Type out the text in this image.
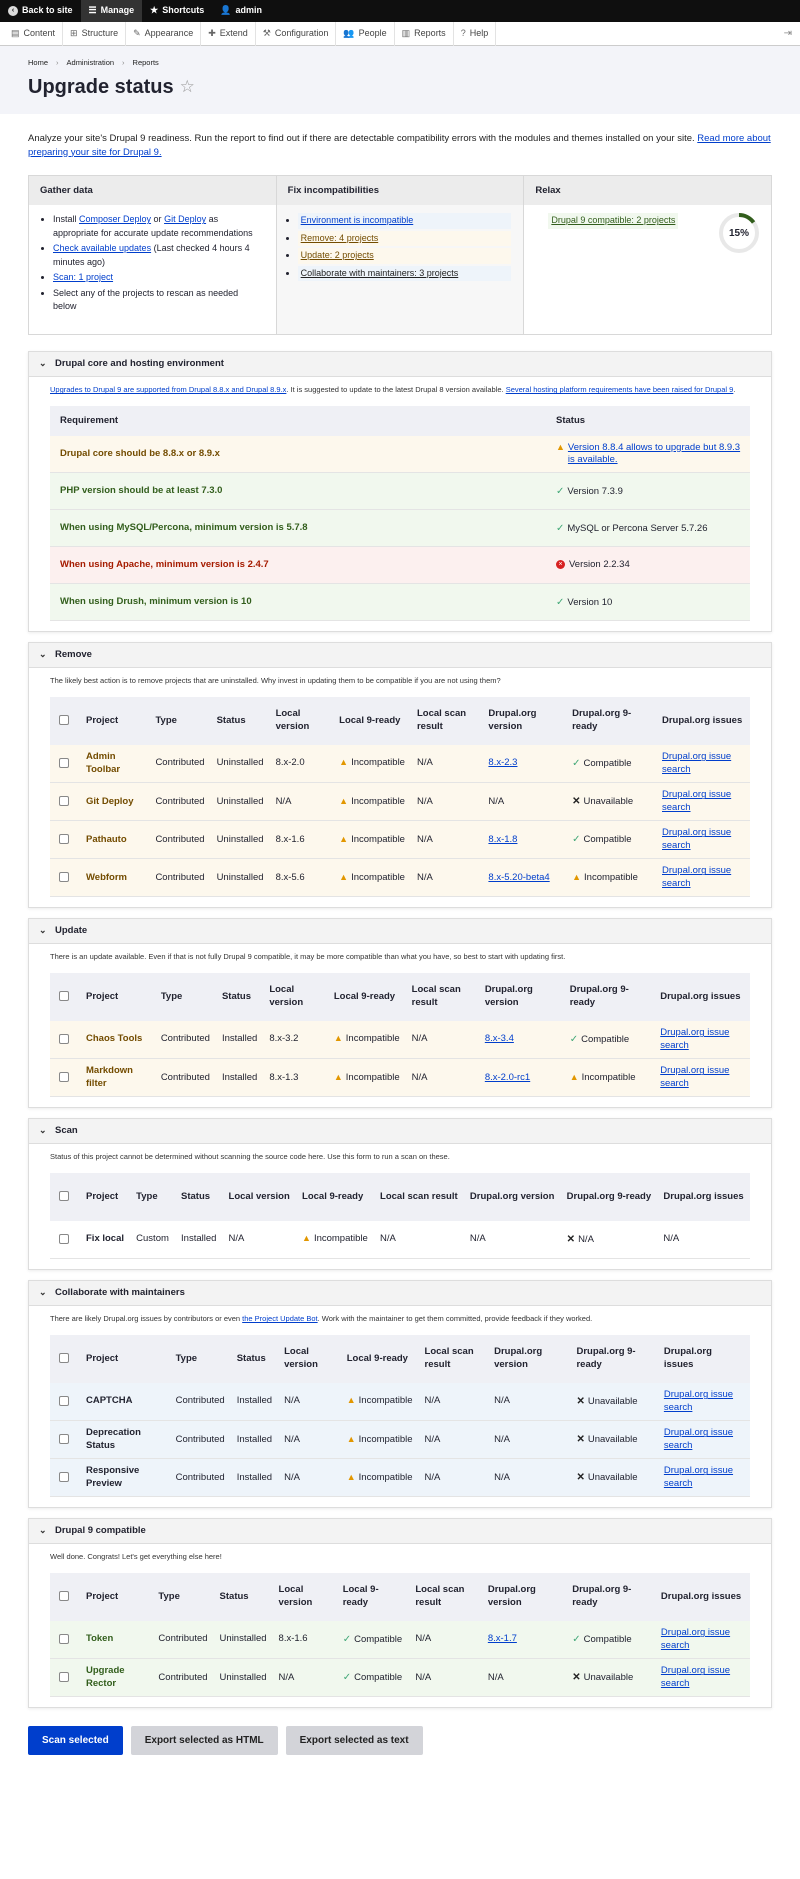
‹ Back to site ☰ Manage ★ Shortcuts 👤 admin
▤ Content ⊞ Structure ✎ Appearance ✚ Extend ⚒ Configuration 👥 People ▥ Reports ? Help	⇥
Home › Administration › Reports
Upgrade status ☆

Analyze your site's Drupal 9 readiness. Run the report to find out if there are detectable compatibility errors with the modules and themes installed on your site. Read more about preparing your site for Drupal 9.

Gather data
• Install Composer Deploy or Git Deploy as appropriate for accurate update recommendations
• Check available updates (Last checked 4 hours 4 minutes ago)
• Scan: 1 project
• Select any of the projects to rescan as needed below
Fix incompatibilities
• Environment is incompatible
• Remove: 4 projects
• Update: 2 projects
• Collaborate with maintainers: 3 projects
Relax
Drupal 9 compatible: 2 projects
15%
⌄ Drupal core and hosting environment

Upgrades to Drupal 9 are supported from Drupal 8.8.x and Drupal 8.9.x. It is suggested to update to the latest Drupal 8 version available. Several hosting platform requirements have been raised for Drupal 9.

Requirement	Status
Drupal core should be 8.8.x or 8.9.x	▲ Version 8.8.4 allows to upgrade but 8.9.3 is available.

PHP version should be at least 7.3.0	✓ Version 7.3.9
When using MySQL/Percona, minimum version is 5.7.8	✓ MySQL or Percona Server 5.7.26
When using Apache, minimum version is 2.4.7	× Version 2.2.34
When using Drush, minimum version is 10	✓ Version 10
⌄ Remove

The likely best action is to remove projects that are uninstalled. Why invest in updating them to be compatible if you are not using them?

	Project	Type	Status	Local version	Local 9-ready	Local scan result	Drupal.org version	Drupal.org 9-ready	Drupal.org issues
	Admin Toolbar	Contributed	Uninstalled	8.x-2.0	▲ Incompatible	N/A	8.x-2.3	✓ Compatible	Drupal.org issue search
	Git Deploy	Contributed	Uninstalled	N/A	▲ Incompatible	N/A	N/A	✕ Unavailable	Drupal.org issue search
	Pathauto	Contributed	Uninstalled	8.x-1.6	▲ Incompatible	N/A	8.x-1.8	✓ Compatible	Drupal.org issue search
	Webform	Contributed	Uninstalled	8.x-5.6	▲ Incompatible	N/A	8.x-5.20-beta4	▲ Incompatible	Drupal.org issue search
⌄ Update

There is an update available. Even if that is not fully Drupal 9 compatible, it may be more compatible than what you have, so best to start with updating first.

	Project	Type	Status	Local version	Local 9-ready	Local scan result	Drupal.org version	Drupal.org 9-ready	Drupal.org issues
	Chaos Tools	Contributed	Installed	8.x-3.2	▲ Incompatible	N/A	8.x-3.4	✓ Compatible	Drupal.org issue search
	Markdown filter	Contributed	Installed	8.x-1.3	▲ Incompatible	N/A	8.x-2.0-rc1	▲ Incompatible	Drupal.org issue search
⌄ Scan

Status of this project cannot be determined without scanning the source code here. Use this form to run a scan on these.

	Project	Type	Status	Local version	Local 9-ready	Local scan result	Drupal.org version	Drupal.org 9-ready	Drupal.org issues
	Fix local	Custom	Installed	N/A	▲ Incompatible	N/A	N/A	✕ N/A	N/A
⌄ Collaborate with maintainers

There are likely Drupal.org issues by contributors or even the Project Update Bot. Work with the maintainer to get them committed, provide feedback if they worked.

	Project	Type	Status	Local version	Local 9-ready	Local scan result	Drupal.org version	Drupal.org 9-ready	Drupal.org issues
	CAPTCHA	Contributed	Installed	N/A	▲ Incompatible	N/A	N/A	✕ Unavailable	Drupal.org issue search
	Deprecation Status	Contributed	Installed	N/A	▲ Incompatible	N/A	N/A	✕ Unavailable	Drupal.org issue search
	Responsive Preview	Contributed	Installed	N/A	▲ Incompatible	N/A	N/A	✕ Unavailable	Drupal.org issue search
⌄ Drupal 9 compatible

Well done. Congrats! Let's get everything else here!

	Project	Type	Status	Local version	Local 9-ready	Local scan result	Drupal.org version	Drupal.org 9-ready	Drupal.org issues
	Token	Contributed	Uninstalled	8.x-1.6	✓ Compatible	N/A	8.x-1.7	✓ Compatible	Drupal.org issue search
	Upgrade Rector	Contributed	Uninstalled	N/A	✓ Compatible	N/A	N/A	✕ Unavailable	Drupal.org issue search
Scan selected	Export selected as HTML	Export selected as text
